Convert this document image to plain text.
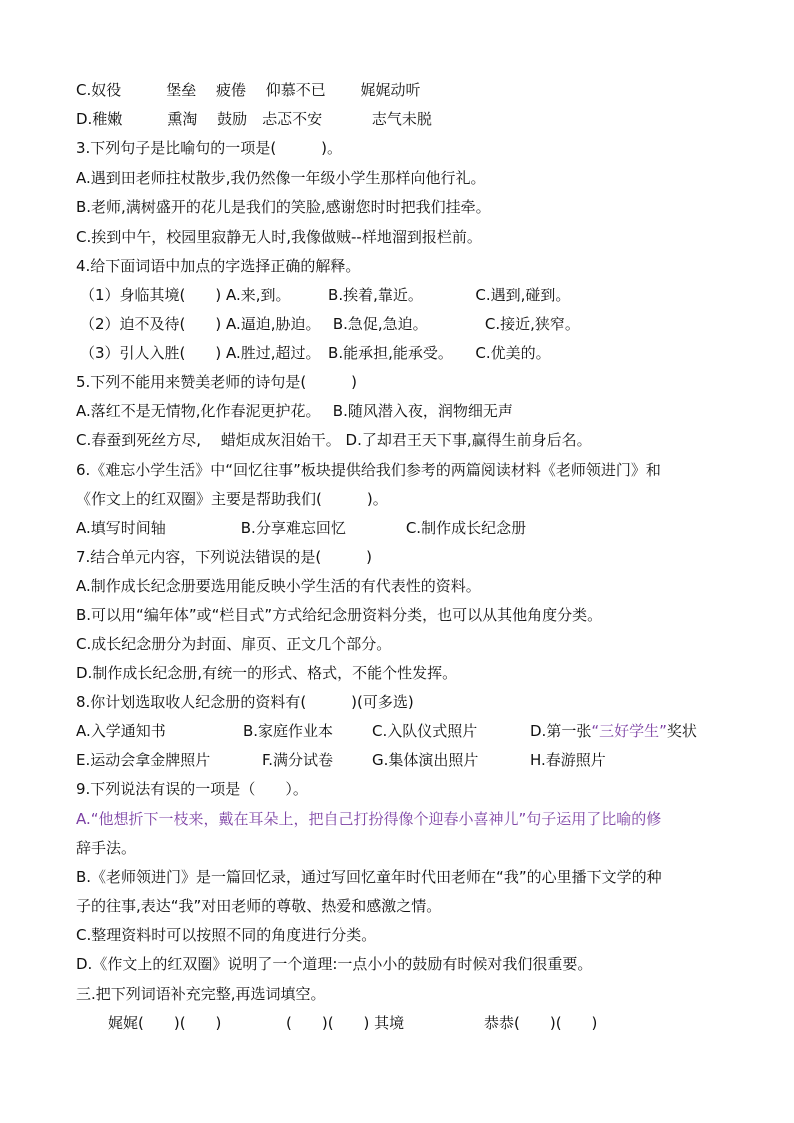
C.奴役　　　堡垒　 疲倦　 仰慕不已　　 娓娓动听
D.稚嫩　　　熏淘　 鼓励　忐忑不安　　　 志气未脱
3.下列句子是比喻句的一项是(　　　)。
A.遇到田老师拄杖散步,我仍然像一年级小学生那样向他行礼。
B.老师,满树盛开的花儿是我们的笑脸,感谢您时时把我们挂牵。
C.挨到中午，校园里寂静无人时,我像做贼--样地溜到报栏前。
4.给下面词语中加点的字选择正确的解释。
（1）身临其境(　　) A.来,到。　　　B.挨着,靠近。　　　　C.遇到,碰到。
（2）迫不及待(　　) A.逼迫,胁迫。　 B.急促,急迫。　　　　 C.接近,狭窄。
（3）引人入胜(　　) A.胜过,超过。　B.能承担,能承受。　　C.优美的。
5.下列不能用来赞美老师的诗句是(　　　)
A.落红不是无情物,化作春泥更护花。　 B.随风潜入夜，润物细无声
C.春蚕到死丝方尽,　 蜡炬成灰泪始干。 D.了却君王天下事,赢得生前身后名。
6.《难忘小学生活》中“回忆往事”板块提供给我们参考的两篇阅读材料《老师领进门》和
《作文上的红双圈》主要是帮助我们(　　　)。
A.填写时间轴　　　　　B.分享难忘回忆　　　　C.制作成长纪念册
7.结合单元内容，下列说法错误的是(　　　)
A.制作成长纪念册要选用能反映小学生活的有代表性的资料。
B.可以用“编年体”或“栏目式”方式给纪念册资料分类，也可以从其他角度分类。
C.成长纪念册分为封面、扉页、正文几个部分。
D.制作成长纪念册,有统一的形式、格式，不能个性发挥。
8.你计划选取收人纪念册的资料有(　　　)(可多选)
A.入学通知书	B.家庭作业本	C.入队仪式照片	D.第一张“三好学生”奖状
E.运动会拿金牌照片	F.满分试卷	G.集体演出照片	H.春游照片
9.下列说法有误的一项是（　　）。
A.“他想折下一枝来，戴在耳朵上，把自己打扮得像个迎春小喜神儿”句子运用了比喻的修
辞手法。
B.《老师领进门》是一篇回忆录，通过写回忆童年时代田老师在“我”的心里播下文学的种
子的往事,表达“我”对田老师的尊敬、热爱和感激之情。
C.整理资料时可以按照不同的角度进行分类。
D.《作文上的红双圈》说明了一个道理:一点小小的鼓励有时候对我们很重要。
三.把下列词语补充完整,再选词填空。
娓娓(　　)(　　)	(　　)(　　) 其境	恭恭(　　)(　　)
